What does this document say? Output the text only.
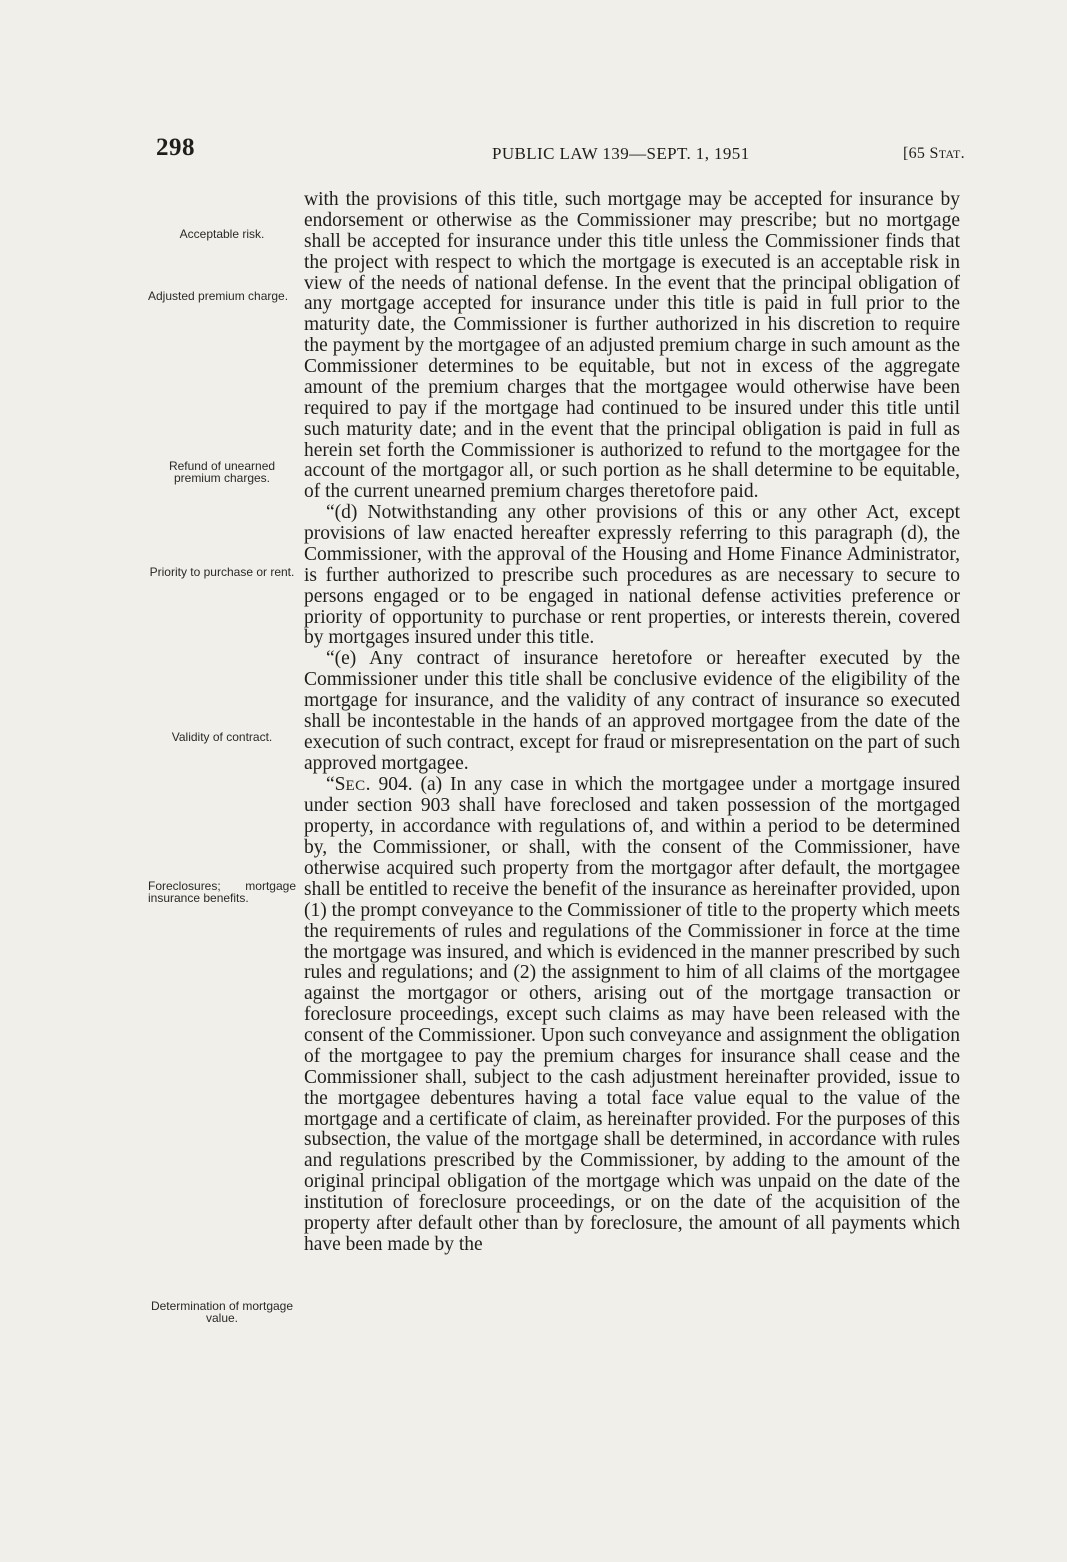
298	PUBLIC LAW 139—SEPT. 1, 1951	[65 STAT.
Acceptable risk.
Adjusted premium charge.
Refund of unearned premium charges.
Priority to purchase or rent.
Validity of contract.
Foreclosures; mortgage insurance benefits.
Determination of mortgage value.

with the provisions of this title, such mortgage may be accepted for insurance by endorsement or otherwise as the Commissioner may prescribe; but no mortgage shall be accepted for insurance under this title unless the Commissioner finds that the project with respect to which the mortgage is executed is an acceptable risk in view of the needs of national defense. In the event that the principal obligation of any mortgage accepted for insurance under this title is paid in full prior to the maturity date, the Commissioner is further authorized in his discretion to require the payment by the mortgagee of an adjusted premium charge in such amount as the Commissioner determines to be equitable, but not in excess of the aggregate amount of the premium charges that the mortgagee would otherwise have been required to pay if the mortgage had continued to be insured under this title until such maturity date; and in the event that the principal obligation is paid in full as herein set forth the Commissioner is authorized to refund to the mortgagee for the account of the mortgagor all, or such portion as he shall determine to be equitable, of the current unearned premium charges theretofore paid.

“(d) Notwithstanding any other provisions of this or any other Act, except provisions of law enacted hereafter expressly referring to this paragraph (d), the Commissioner, with the approval of the Housing and Home Finance Administrator, is further authorized to prescribe such procedures as are necessary to secure to persons engaged or to be engaged in national defense activities preference or priority of opportunity to purchase or rent properties, or interests therein, covered by mortgages insured under this title.

“(e) Any contract of insurance heretofore or hereafter executed by the Commissioner under this title shall be conclusive evidence of the eligibility of the mortgage for insurance, and the validity of any contract of insurance so executed shall be incontestable in the hands of an approved mortgagee from the date of the execution of such contract, except for fraud or misrepresentation on the part of such approved mortgagee.

“SEC. 904. (a) In any case in which the mortgagee under a mortgage insured under section 903 shall have foreclosed and taken possession of the mortgaged property, in accordance with regulations of, and within a period to be determined by, the Commissioner, or shall, with the consent of the Commissioner, have otherwise acquired such property from the mortgagor after default, the mortgagee shall be entitled to receive the benefit of the insurance as hereinafter provided, upon (1) the prompt conveyance to the Commissioner of title to the property which meets the requirements of rules and regulations of the Commissioner in force at the time the mortgage was insured, and which is evidenced in the manner prescribed by such rules and regulations; and (2) the assignment to him of all claims of the mortgagee against the mortgagor or others, arising out of the mortgage transaction or foreclosure proceedings, except such claims as may have been released with the consent of the Commissioner. Upon such conveyance and assignment the obligation of the mortgagee to pay the premium charges for insurance shall cease and the Commissioner shall, subject to the cash adjustment hereinafter provided, issue to the mortgagee debentures having a total face value equal to the value of the mortgage and a certificate of claim, as hereinafter provided. For the purposes of this subsection, the value of the mortgage shall be determined, in accordance with rules and regulations prescribed by the Commissioner, by adding to the amount of the original principal obligation of the mortgage which was unpaid on the date of the institution of foreclosure proceedings, or on the date of the acquisition of the property after default other than by foreclosure, the amount of all payments which have been made by the
